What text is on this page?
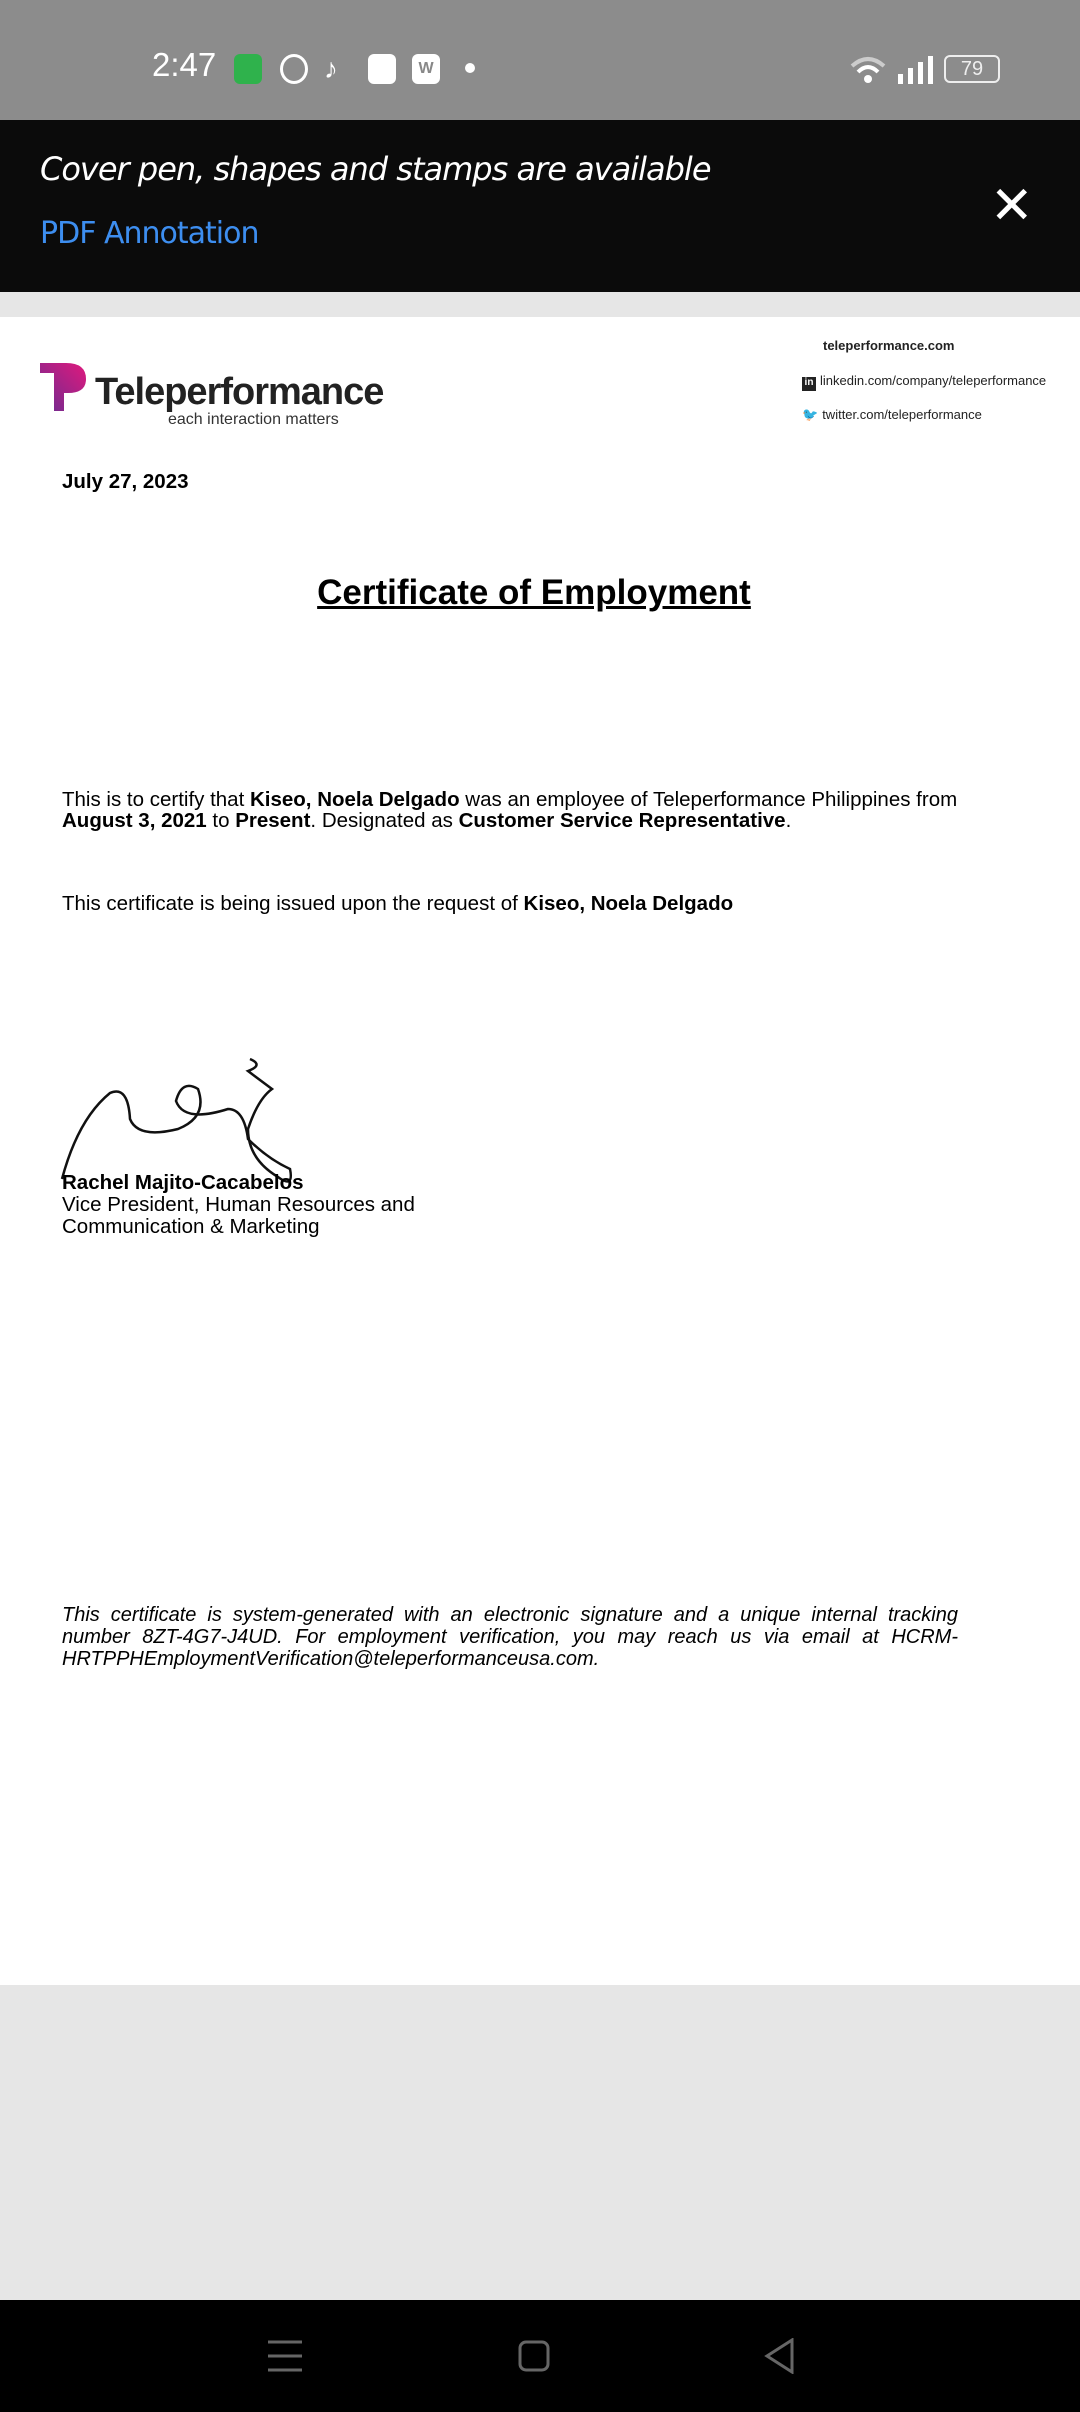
2:47	♪	W	79
Cover pen, shapes and stamps are available
PDF Annotation	✕
Teleperformance
each interaction matters
teleperformance.com
in linkedin.com/company/teleperformance
🐦 twitter.com/teleperformance
July 27, 2023
Certificate of Employment
This is to certify that Kiseo, Noela Delgado was an employee of Teleperformance Philippines from
August 3, 2021 to Present. Designated as Customer Service Representative.
This certificate is being issued upon the request of Kiseo, Noela Delgado
Rachel Majito-Cacabelos
Vice President, Human Resources and
Communication & Marketing
This certificate is system-generated with an electronic signature and a unique internal tracking number 8ZT-4G7-J4UD. For employment verification, you may reach us via email at HCRM-HRTPPHEmploymentVerification@teleperformanceusa.com.
